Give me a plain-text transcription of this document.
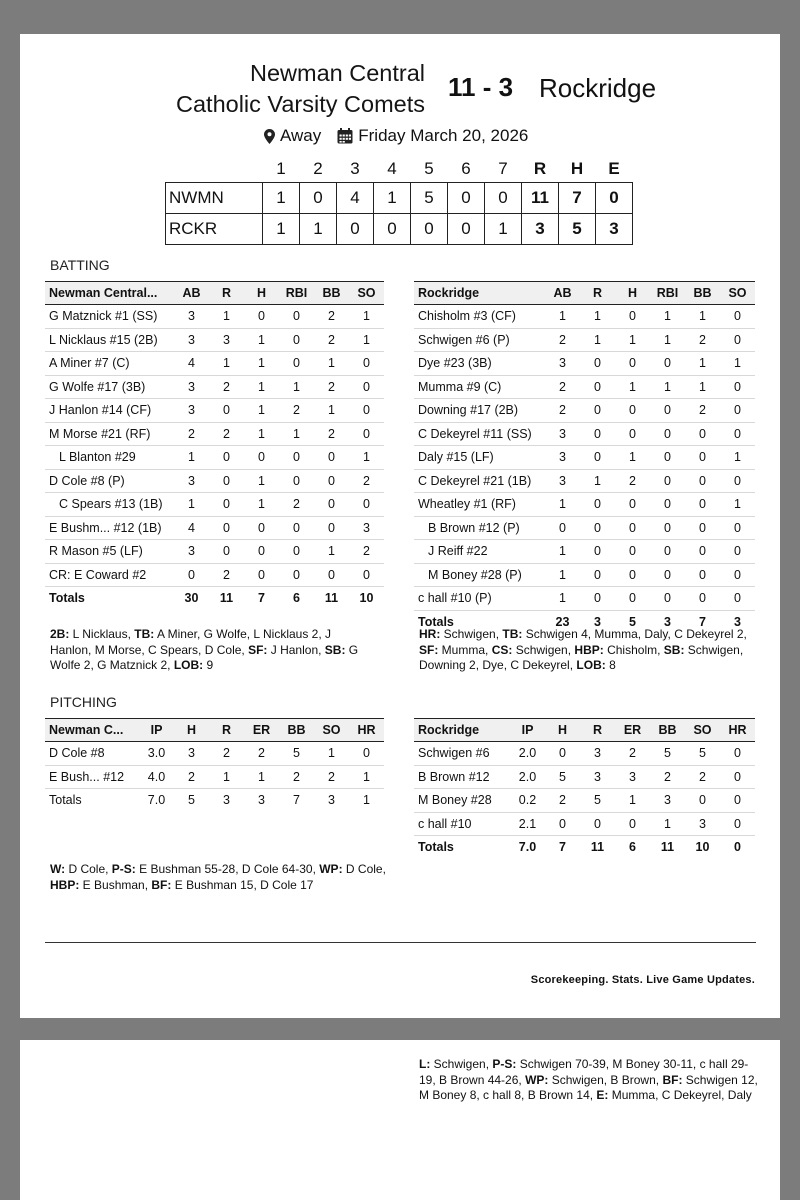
Newman Central
Catholic Varsity Comets
11 - 3 Rockridge
Away Friday March 20, 2026
	1	2	3	4	5	6	7	R	H	E
NWMN	1	0	4	1	5	0	0	11	7	0
RCKR	1	1	0	0	0	0	1	3	5	3
BATTING
Newman Central...	AB	R	H	RBI	BB	SO
G Matznick #1 (SS)	3	1	0	0	2	1
L Nicklaus #15 (2B)	3	3	1	0	2	1
A Miner #7 (C)	4	1	1	0	1	0
G Wolfe #17 (3B)	3	2	1	1	2	0
J Hanlon #14 (CF)	3	0	1	2	1	0
M Morse #21 (RF)	2	2	1	1	2	0
L Blanton #29	1	0	0	0	0	1
D Cole #8 (P)	3	0	1	0	0	2
C Spears #13 (1B)	1	0	1	2	0	0
E Bushm... #12 (1B)	4	0	0	0	0	3
R Mason #5 (LF)	3	0	0	0	1	2
CR: E Coward #2	0	2	0	0	0	0
Totals	30	11	7	6	11	10
Rockridge	AB	R	H	RBI	BB	SO
Chisholm #3 (CF)	1	1	0	1	1	0
Schwigen #6 (P)	2	1	1	1	2	0
Dye #23 (3B)	3	0	0	0	1	1
Mumma #9 (C)	2	0	1	1	1	0
Downing #17 (2B)	2	0	0	0	2	0
C Dekeyrel #11 (SS)	3	0	0	0	0	0
Daly #15 (LF)	3	0	1	0	0	1
C Dekeyrel #21 (1B)	3	1	2	0	0	0
Wheatley #1 (RF)	1	0	0	0	0	1
B Brown #12 (P)	0	0	0	0	0	0
J Reiff #22	1	0	0	0	0	0
M Boney #28 (P)	1	0	0	0	0	0
c hall #10 (P)	1	0	0	0	0	0
Totals	23	3	5	3	7	3
2B: L Nicklaus, TB: A Miner, G Wolfe, L Nicklaus 2, J Hanlon, M Morse, C Spears, D Cole, SF: J Hanlon, SB: G Wolfe 2, G Matznick 2, LOB: 9
HR: Schwigen, TB: Schwigen 4, Mumma, Daly, C Dekeyrel 2, SF: Mumma, CS: Schwigen, HBP: Chisholm, SB: Schwigen, Downing 2, Dye, C Dekeyrel, LOB: 8
PITCHING
Newman C...	IP	H	R	ER	BB	SO	HR
D Cole #8	3.0	3	2	2	5	1	0
E Bush... #12	4.0	2	1	1	2	2	1
Totals	7.0	5	3	3	7	3	1
Rockridge	IP	H	R	ER	BB	SO	HR
Schwigen #6	2.0	0	3	2	5	5	0
B Brown #12	2.0	5	3	3	2	2	0
M Boney #28	0.2	2	5	1	3	0	0
c hall #10	2.1	0	0	0	1	3	0
Totals	7.0	7	11	6	11	10	0
W: D Cole, P-S: E Bushman 55-28, D Cole 64-30, WP: D Cole, HBP: E Bushman, BF: E Bushman 15, D Cole 17
Scorekeeping. Stats. Live Game Updates.
L: Schwigen, P-S: Schwigen 70-39, M Boney 30-11, c hall 29-19, B Brown 44-26, WP: Schwigen, B Brown, BF: Schwigen 12, M Boney 8, c hall 8, B Brown 14, E: Mumma, C Dekeyrel, Daly
